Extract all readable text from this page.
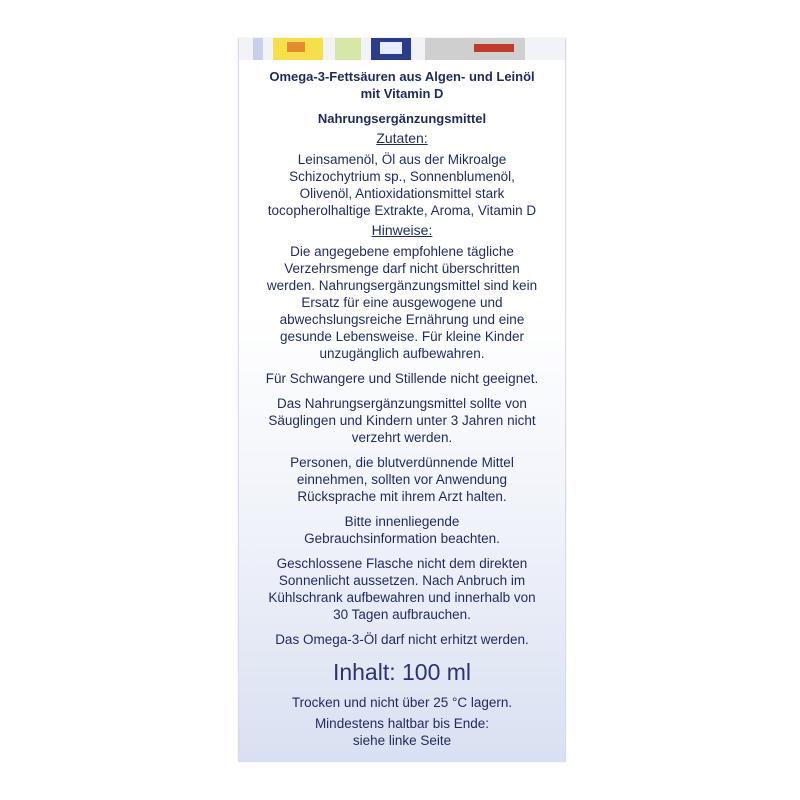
Omega-3-Fettsäuren aus Algen- und Leinöl
mit Vitamin D

Nahrungsergänzungsmittel

Zutaten:

Leinsamenöl, Öl aus der Mikroalge
Schizochytrium sp., Sonnenblumenöl,
Olivenöl, Antioxidationsmittel stark
tocopherolhaltige Extrakte, Aroma, Vitamin D

Hinweise:

Die angegebene empfohlene tägliche
Verzehrsmenge darf nicht überschritten
werden. Nahrungsergänzungsmittel sind kein
Ersatz für eine ausgewogene und
abwechslungsreiche Ernährung und eine
gesunde Lebensweise. Für kleine Kinder
unzugänglich aufbewahren.

Für Schwangere und Stillende nicht geeignet.

Das Nahrungsergänzungsmittel sollte von
Säuglingen und Kindern unter 3 Jahren nicht
verzehrt werden.

Personen, die blutverdünnende Mittel
einnehmen, sollten vor Anwendung
Rücksprache mit ihrem Arzt halten.

Bitte innenliegende
Gebrauchsinformation beachten.

Geschlossene Flasche nicht dem direkten
Sonnenlicht aussetzen. Nach Anbruch im
Kühlschrank aufbewahren und innerhalb von
30 Tagen aufbrauchen.

Das Omega-3-Öl darf nicht erhitzt werden.

Inhalt: 100 ml

Trocken und nicht über 25 °C lagern.

Mindestens haltbar bis Ende:
siehe linke Seite
